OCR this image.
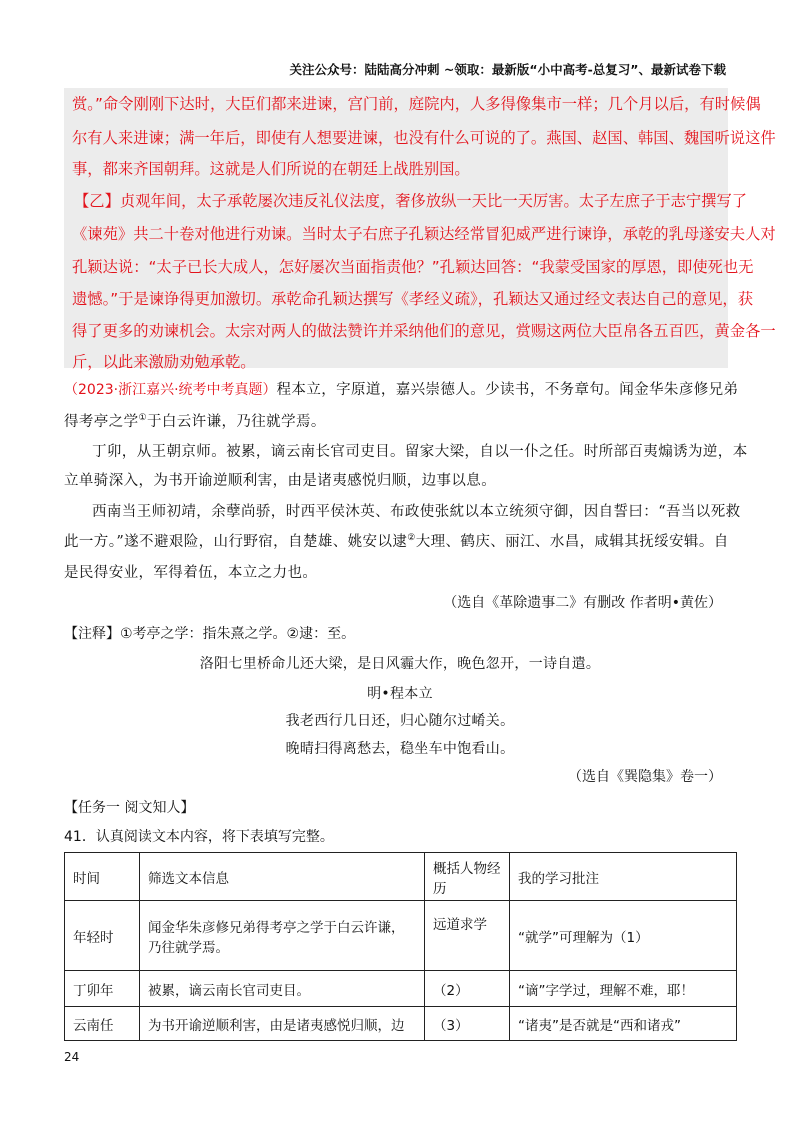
关注公众号：陆陆高分冲刺 ~领取：最新版“小中高考-总复习”、最新试卷下载
赏。”命令刚刚下达时，大臣们都来进谏，宫门前，庭院内，人多得像集市一样；几个月以后，有时候偶
尔有人来进谏；满一年后，即使有人想要进谏，也没有什么可说的了。燕国、赵国、韩国、魏国听说这件
事，都来齐国朝拜。这就是人们所说的在朝廷上战胜别国。
【乙】贞观年间，太子承乾屡次违反礼仪法度，奢侈放纵一天比一天厉害。太子左庶子于志宁撰写了
《谏苑》共二十卷对他进行劝谏。当时太子右庶子孔颖达经常冒犯威严进行谏诤，承乾的乳母遂安夫人对
孔颖达说：“太子已长大成人，怎好屡次当面指责他？”孔颖达回答：“我蒙受国家的厚恩，即使死也无
遗憾。”于是谏诤得更加激切。承乾命孔颖达撰写《孝经义疏》，孔颖达又通过经文表达自己的意见，获
得了更多的劝谏机会。太宗对两人的做法赞许并采纳他们的意见，赏赐这两位大臣帛各五百匹，黄金各一
斤，以此来激励劝勉承乾。
（2023·浙江嘉兴·统考中考真题）程本立，字原道，嘉兴崇德人。少读书，不务章句。闻金华朱彦修兄弟
得考亭之学①于白云许谦，乃往就学焉。
丁卯，从王朝京师。被累，谪云南长官司吏目。留家大梁，自以一仆之任。时所部百夷煽诱为逆，本
立单骑深入，为书开谕逆顺利害，由是诸夷感悦归顺，边事以息。
西南当王师初靖，余孽尚骄，时西平侯沐英、布政使张紞以本立统须守御，因自誓曰：“吾当以死救
此一方。”遂不避艰险，山行野宿，自楚雄、姚安以逮②大理、鹤庆、丽江、水昌，咸辑其抚绥安辑。自
是民得安业，军得着伍，本立之力也。
（选自《革除遗事二》有删改 作者明•黄佐）
【注释】①考亭之学：指朱熹之学。②逮：至。
洛阳七里桥命儿还大梁，是日风霾大作，晚色忽开，一诗自遣。
明•程本立
我老西行几日还，归心随尔过崤关。
晚晴扫得离愁去，稳坐车中饱看山。
（选自《巽隐集》卷一）
【任务一 阅文知人】
41．认真阅读文本内容，将下表填写完整。
时间	筛选文本信息	概括人物经历	我的学习批注
年轻时	闻金华朱彦修兄弟得考亭之学于白云许谦，乃往就学焉。	远道求学	“就学”可理解为（1）
丁卯年	被累，谪云南长官司吏目。	（2）	“谪”字学过，理解不难，耶！
云南任	为书开谕逆顺利害，由是诸夷感悦归顺，边	（3）	“诸夷”是否就是“西和诸戎”
24
